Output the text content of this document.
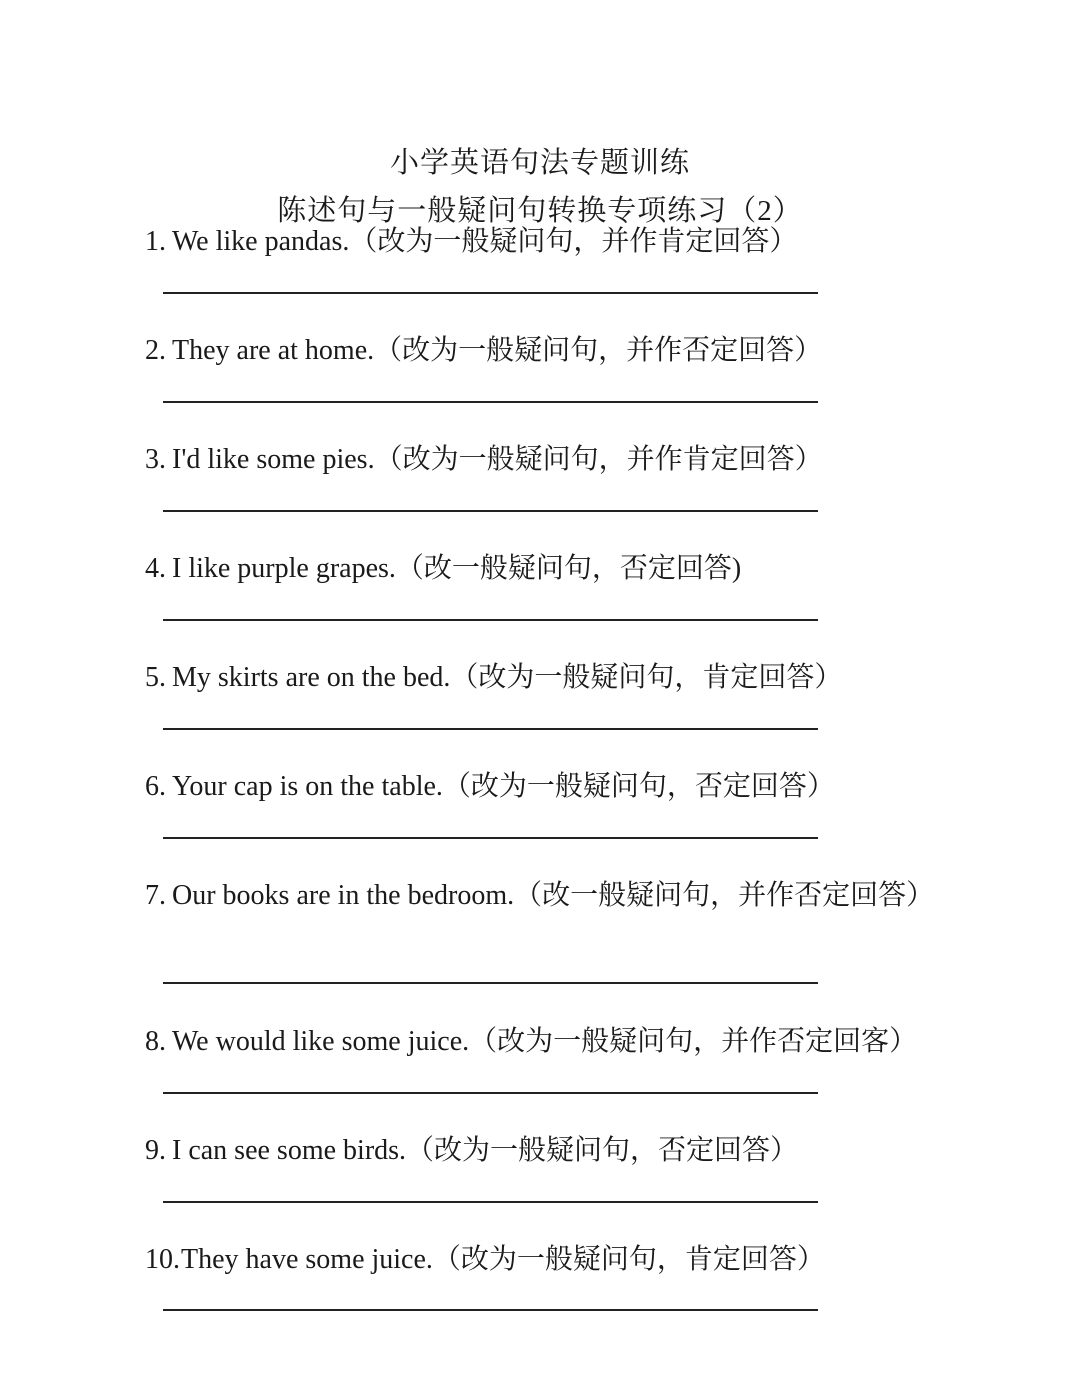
小学英语句法专题训练
陈述句与一般疑问句转换专项练习（2）
1. We like pandas.（改为一般疑问句，并作肯定回答）
2. They are at home.（改为一般疑问句，并作否定回答）
3. I'd like some pies.（改为一般疑问句，并作肯定回答）
4. I like purple grapes.（改一般疑问句，否定回答)
5. My skirts are on the bed.（改为一般疑问句，肯定回答）
6. Your cap is on the table.（改为一般疑问句，否定回答）
7. Our books are in the bedroom.（改一般疑问句，并作否定回答）
8. We would like some juice.（改为一般疑问句，并作否定回客）
9. I can see some birds.（改为一般疑问句，否定回答）
10. They have some juice.（改为一般疑问句，肯定回答）
